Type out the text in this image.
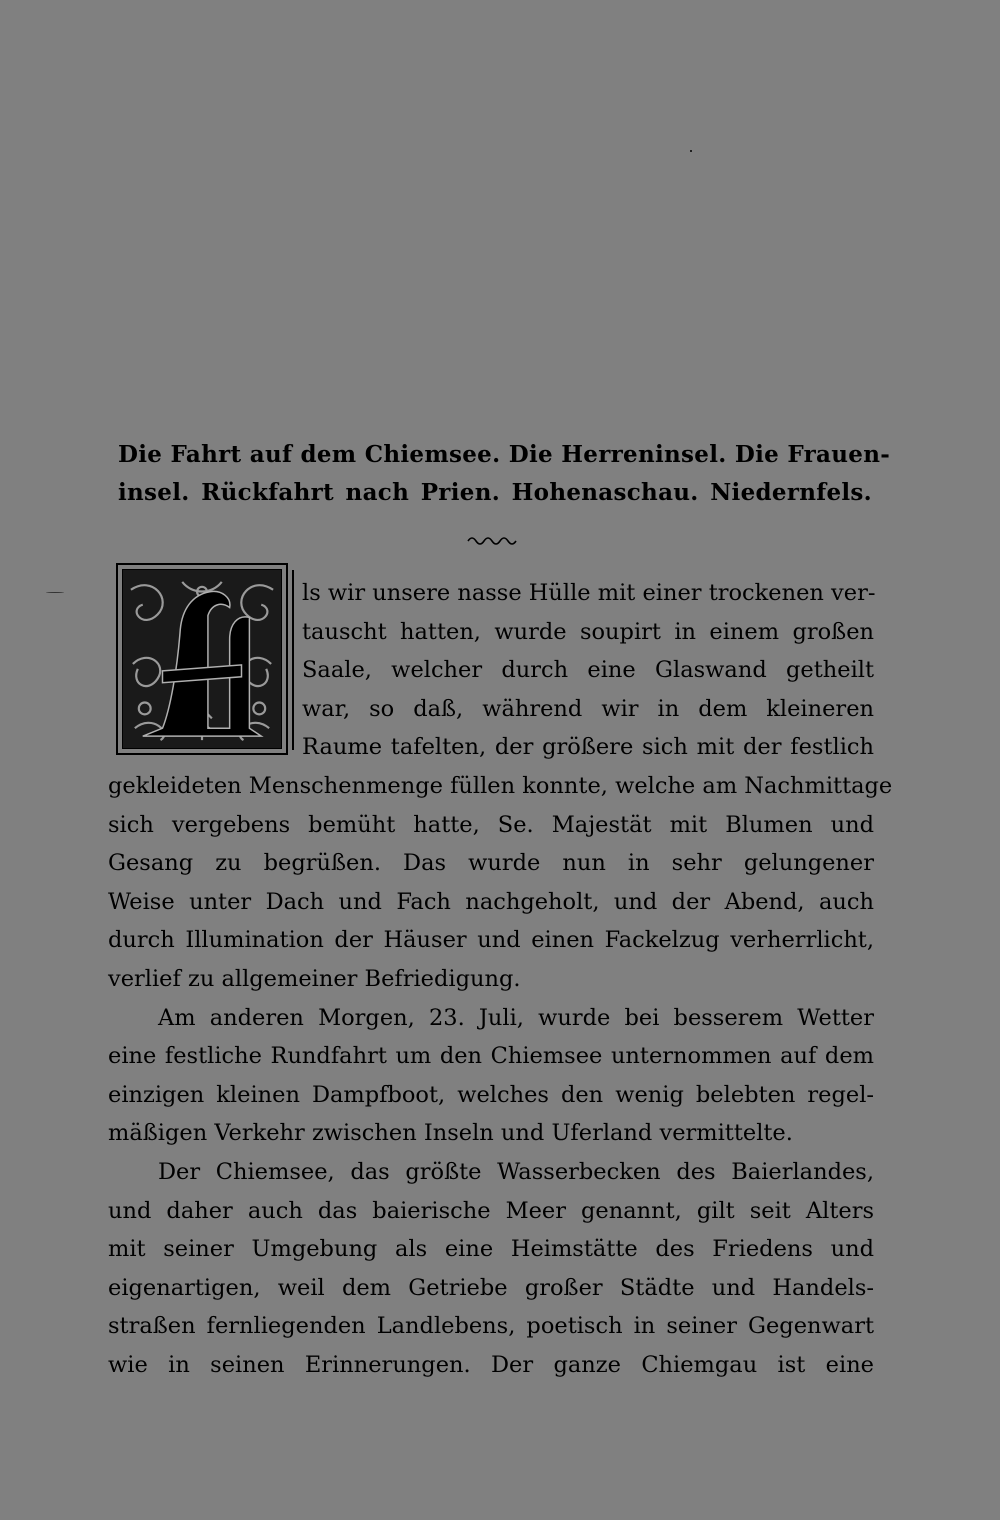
Die Fahrt auf dem Chiemsee. Die Herreninsel. Die Frauen-
insel. Rückfahrt nach Prien. Hohenaschau. Niedernfels.
ls wir unsere nasse Hülle mit einer trockenen ver-
tauscht hatten, wurde soupirt in einem großen
Saale, welcher durch eine Glaswand getheilt
war, so daß, während wir in dem kleineren
Raume tafelten, der größere sich mit der festlich
gekleideten Menschenmenge füllen konnte, welche am Nachmittage
sich vergebens bemüht hatte, Se. Majestät mit Blumen und
Gesang zu begrüßen. Das wurde nun in sehr gelungener
Weise unter Dach und Fach nachgeholt, und der Abend, auch
durch Illumination der Häuser und einen Fackelzug verherrlicht,
verlief zu allgemeiner Befriedigung.
Am anderen Morgen, 23. Juli, wurde bei besserem Wetter
eine festliche Rundfahrt um den Chiemsee unternommen auf dem
einzigen kleinen Dampfboot, welches den wenig belebten regel-
mäßigen Verkehr zwischen Inseln und Uferland vermittelte.
Der Chiemsee, das größte Wasserbecken des Baierlandes,
und daher auch das baierische Meer genannt, gilt seit Alters
mit seiner Umgebung als eine Heimstätte des Friedens und
eigenartigen, weil dem Getriebe großer Städte und Handels-
straßen fernliegenden Landlebens, poetisch in seiner Gegenwart
wie in seinen Erinnerungen. Der ganze Chiemgau ist eine
